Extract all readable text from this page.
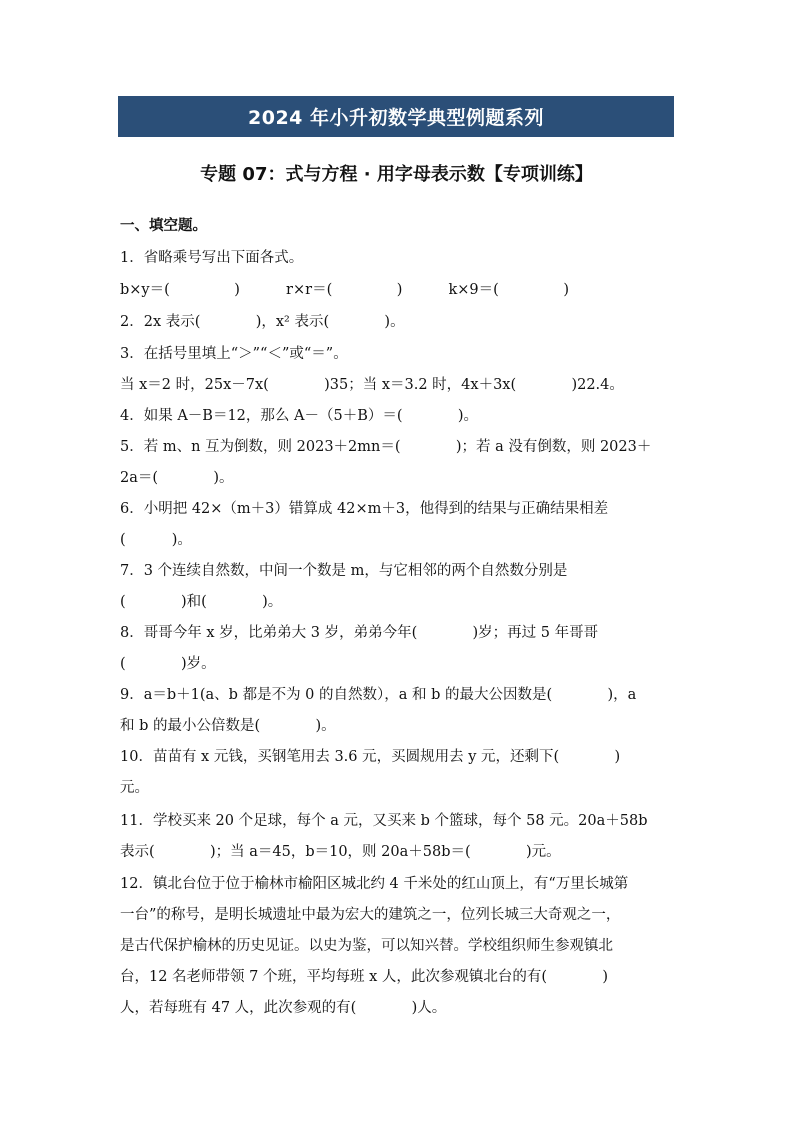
2024 年小升初数学典型例题系列
专题 07：式与方程 · 用字母表示数【专项训练】
一、填空题。
1．省略乘号写出下面各式。
b×y＝(              )          r×r＝(              )          k×9＝(              )
2．2x 表示(            )，x² 表示(            )。
3．在括号里填上“＞”“＜”或“＝”。
当 x＝2 时，25x－7x(            )35；当 x＝3.2 时，4x＋3x(            )22.4。
4．如果 A－B＝12，那么 A－（5＋B）＝(            )。
5．若 m、n 互为倒数，则 2023＋2mn＝(            )；若 a 没有倒数，则 2023＋
2a＝(            )。
6．小明把 42×（m＋3）错算成 42×m＋3，他得到的结果与正确结果相差
(          )。
7．3 个连续自然数，中间一个数是 m，与它相邻的两个自然数分别是
(            )和(            )。
8．哥哥今年 x 岁，比弟弟大 3 岁，弟弟今年(            )岁；再过 5 年哥哥
(            )岁。
9．a＝b＋1(a、b 都是不为 0 的自然数），a 和 b 的最大公因数是(            )，a
和 b 的最小公倍数是(            )。
10．苗苗有 x 元钱，买钢笔用去 3.6 元，买圆规用去 y 元，还剩下(            )
元。
11．学校买来 20 个足球，每个 a 元，又买来 b 个篮球，每个 58 元。20a＋58b
表示(            )；当 a＝45，b＝10，则 20a＋58b＝(            )元。
12．镇北台位于位于榆林市榆阳区城北约 4 千米处的红山顶上，有“万里长城第
一台”的称号，是明长城遗址中最为宏大的建筑之一，位列长城三大奇观之一，
是古代保护榆林的历史见证。以史为鉴，可以知兴替。学校组织师生参观镇北
台，12 名老师带领 7 个班，平均每班 x 人，此次参观镇北台的有(            )
人，若每班有 47 人，此次参观的有(            )人。
